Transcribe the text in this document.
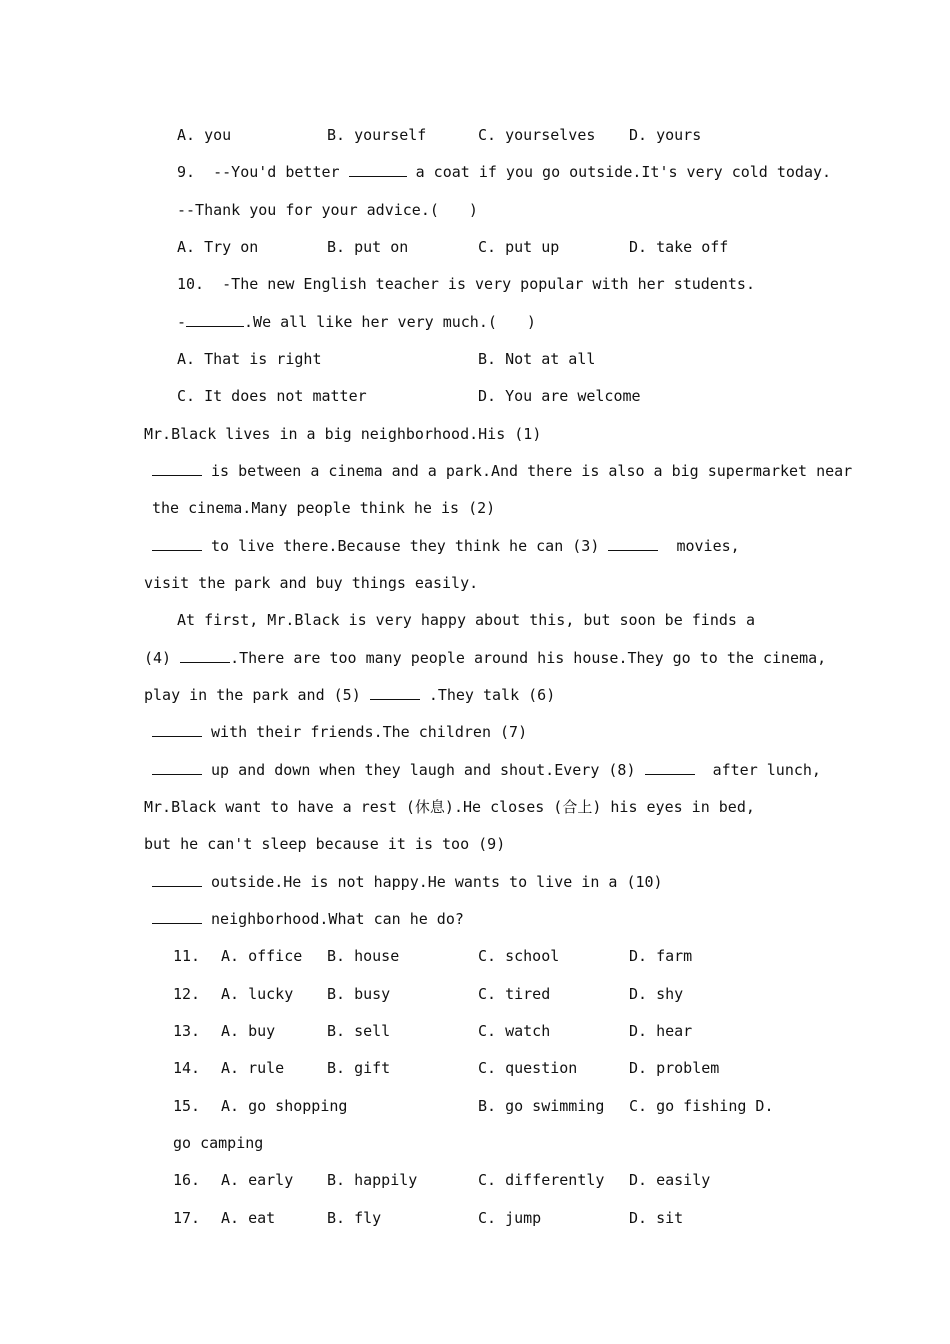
A. you	B. yourself	C. yourselves D. yours
9. --You'd better	a coat if you go outside.It's very cold today.
--Thank you for your advice.(　　)
A. Try on	B. put on	C. put up	D. take off
10. -The new English teacher is very popular with her students.
-	.We all like her very much.(　　)
A. That is right	B. Not at all
C. It does not matter	D. You are welcome
Mr.Black lives in a big neighborhood.His (1)
is between a cinema and a park.And there is also a big supermarket near
the cinema.Many people think he is (2)
to live there.Because they think he can (3)	movies,
visit the park and buy things easily.
At first, Mr.Black is very happy about this, but soon be finds a
(4)	.There are too many people around his house.They go to the cinema,
play in the park and (5)	.They talk (6)
with their friends.The children (7)
up and down when they laugh and shout.Every (8)	after lunch,
Mr.Black want to have a rest (休息).He closes (合上) his eyes in bed,
but he can't sleep because it is too (9)
outside.He is not happy.He wants to live in a (10)
neighborhood.What can he do?
11. A. office B. house	C. school	D. farm
12. A. lucky B. busy	C. tired	D. shy
13. A. buy	B. sell	C. watch	D. hear
14. A. rule	B. gift	C. question	D. problem
15. A. go shopping	B. go swimming C. go fishing D.
go camping
16. A. early B. happily	C. differently D. easily
17. A. eat	B. fly	C. jump	D. sit
